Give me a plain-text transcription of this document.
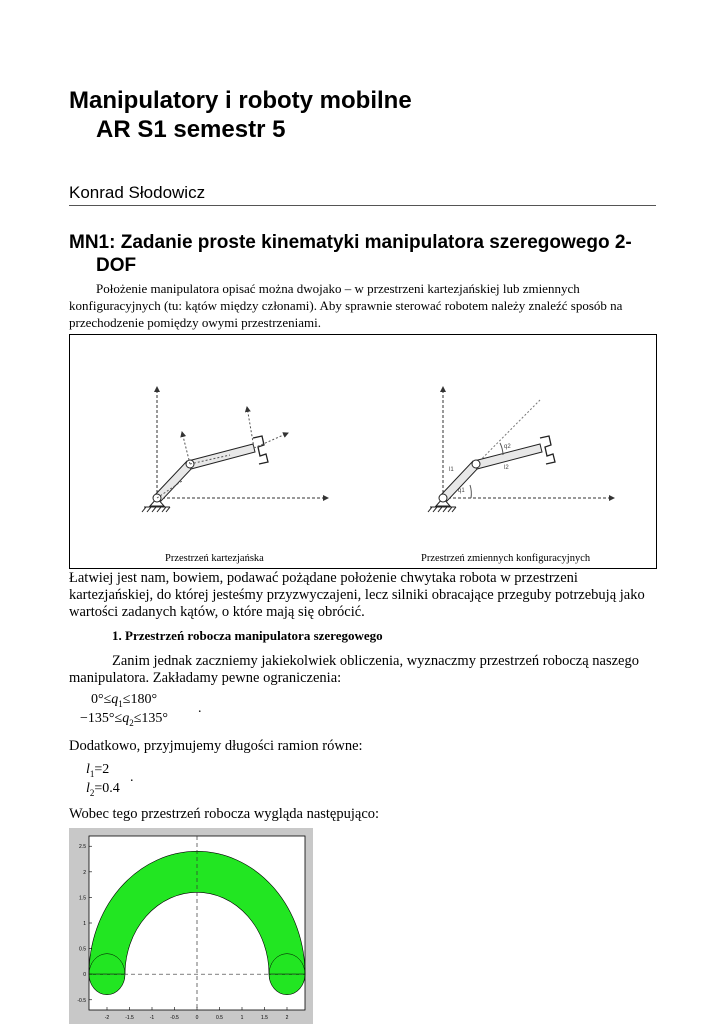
Manipulatory i roboty mobilne
AR S1 semestr 5
Konrad Słodowicz
MN1: Zadanie proste kinematyki manipulatora szeregowego 2-
DOF
Położenie manipulatora opisać można dwojako – w przestrzeni kartezjańskiej lub zmiennych
konfiguracyjnych (tu: kątów między członami). Aby sprawnie sterować robotem należy znaleźć sposób na
przechodzenie pomiędzy owymi przestrzeniami.
q2
q1
l1	l2
Przestrzeń kartezjańska	Przestrzeń zmiennych konfiguracyjnych
Łatwiej jest nam, bowiem, podawać pożądane położenie chwytaka robota w przestrzeni
kartezjańskiej, do której jesteśmy przyzwyczajeni, lecz silniki obracające przeguby potrzebują jako
wartości zadanych kątów, o które mają się obrócić.
1. Przestrzeń robocza manipulatora szeregowego
Zanim jednak zaczniemy jakiekolwiek obliczenia, wyznaczmy przestrzeń roboczą naszego
manipulatora. Zakładamy pewne ograniczenia:
$0^\circ\le q_1\le 180^\circ$
$-135^\circ\le q_2\le 135^\circ$
.
Dodatkowo, przyjmujemy długości ramion równe:
$l_1=2$
$l_2=0.4$
.
Wobec tego przestrzeń robocza wygląda następująco:
-2	-1.5	-1	-0.5	0	0.5	1	1.5	2
2.5
2
1.5
1
0.5
0
-0.5
